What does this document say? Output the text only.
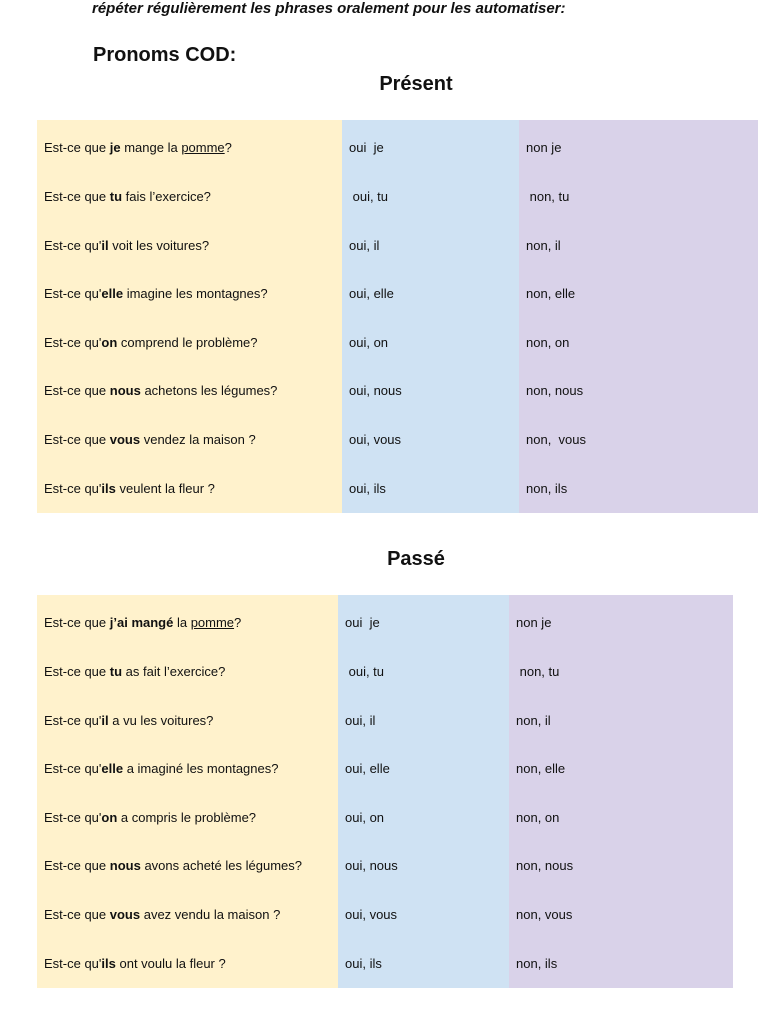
répéter régulièrement les phrases oralement pour les automatiser:
Pronoms COD:
Présent
Est-ce que je mange la pomme ?
Est-ce que tu fais l’exercice?
Est-ce qu' il voit les voitures?
Est-ce qu' elle imagine les montagnes?
Est-ce qu' on comprend le problème?
Est-ce que nous achetons les légumes?
Est-ce que vous vendez la maison ?
Est-ce qu' ils veulent la fleur ?
oui  je
oui, tu
oui, il
oui, elle
oui, on
oui, nous
oui, vous
oui, ils
non je
non, tu
non, il
non, elle
non, on
non, nous
non,  vous
non, ils
Passé
Est-ce que j’ai mangé la pomme ?
Est-ce que tu as fait l’exercice?
Est-ce qu' il a vu les voitures?
Est-ce qu' elle a imaginé les montagnes?
Est-ce qu' on a compris le problème?
Est-ce que nous avons acheté les légumes?
Est-ce que vous avez vendu la maison ?
Est-ce qu' ils ont voulu la fleur ?
oui  je
oui, tu
oui, il
oui, elle
oui, on
oui, nous
oui, vous
oui, ils
non je
non, tu
non, il
non, elle
non, on
non, nous
non, vous
non, ils
